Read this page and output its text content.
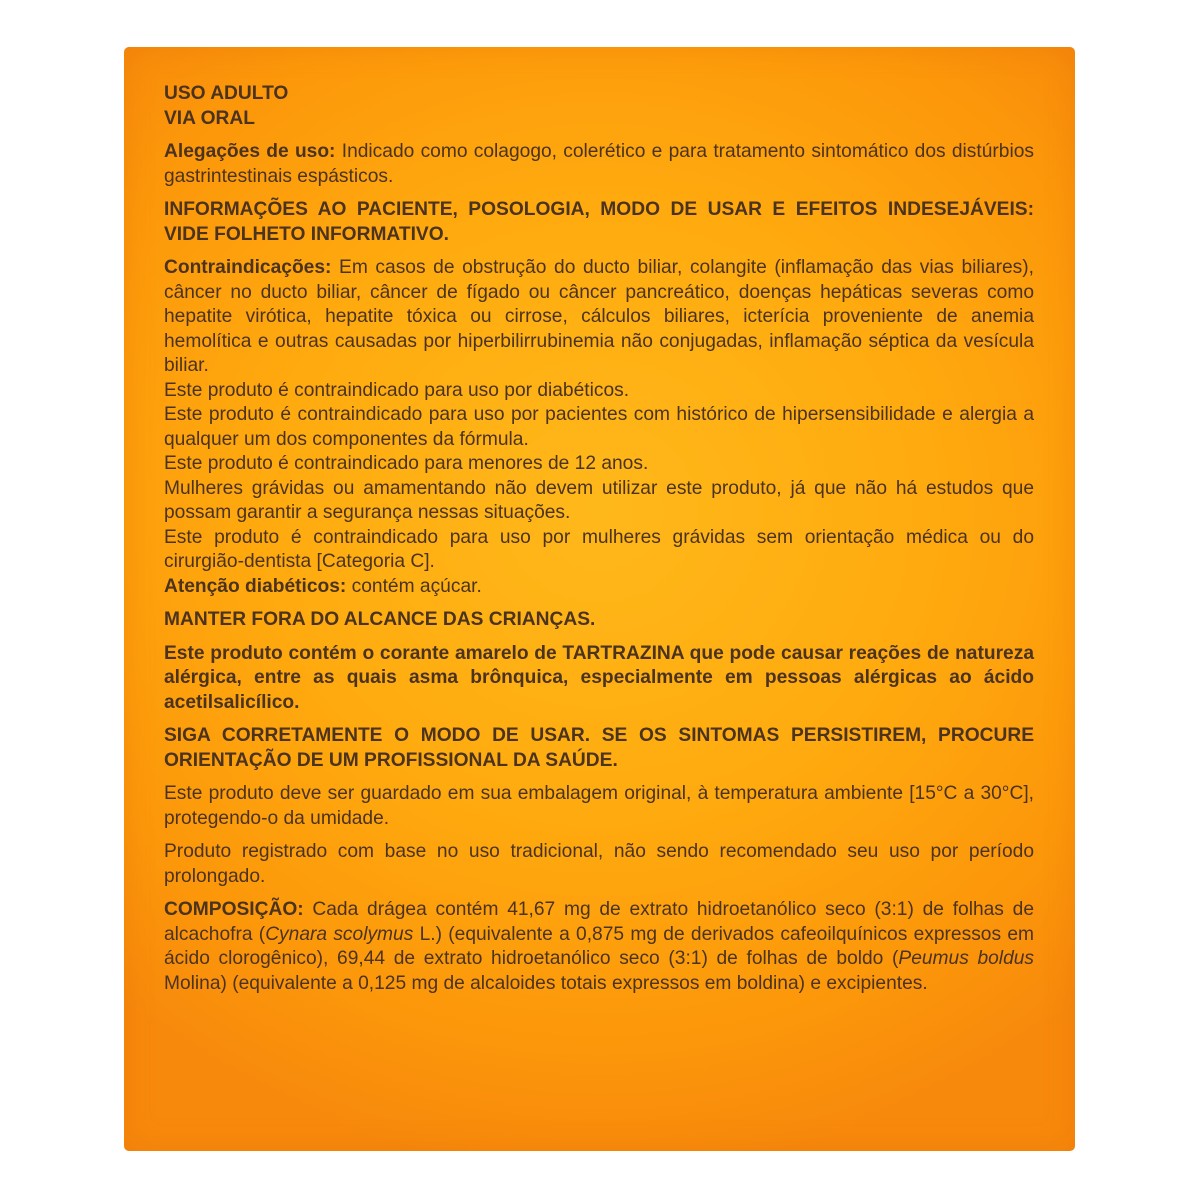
USO ADULTO

VIA ORAL

Alegações de uso: Indicado como colagogo, colerético e para tratamento sintomático dos distúrbios gastrintestinais espásticos.

INFORMAÇÕES AO PACIENTE, POSOLOGIA, MODO DE USAR E EFEITOS INDESEJÁVEIS: VIDE FOLHETO INFORMATIVO.

Contraindicações: Em casos de obstrução do ducto biliar, colangite (inflamação das vias biliares), câncer no ducto biliar, câncer de fígado ou câncer pancreático, doenças hepáticas severas como hepatite virótica, hepatite tóxica ou cirrose, cálculos biliares, icterícia proveniente de anemia hemolítica e outras causadas por hiperbilirrubinemia não conjugadas, inflamação séptica da vesícula biliar.

Este produto é contraindicado para uso por diabéticos.

Este produto é contraindicado para uso por pacientes com histórico de hipersensibilidade e alergia a qualquer um dos componentes da fórmula.

Este produto é contraindicado para menores de 12 anos.

Mulheres grávidas ou amamentando não devem utilizar este produto, já que não há estudos que possam garantir a segurança nessas situações.

Este produto é contraindicado para uso por mulheres grávidas sem orientação médica ou do cirurgião-dentista [Categoria C].

Atenção diabéticos: contém açúcar.

MANTER FORA DO ALCANCE DAS CRIANÇAS.

Este produto contém o corante amarelo de TARTRAZINA que pode causar reações de natureza alérgica, entre as quais asma brônquica, especialmente em pessoas alérgicas ao ácido acetilsalicílico.

SIGA CORRETAMENTE O MODO DE USAR. SE OS SINTOMAS PERSISTIREM, PROCURE ORIENTAÇÃO DE UM PROFISSIONAL DA SAÚDE.

Este produto deve ser guardado em sua embalagem original, à temperatura ambiente [15°C a 30°C], protegendo-o da umidade.

Produto registrado com base no uso tradicional, não sendo recomendado seu uso por período prolongado.

COMPOSIÇÃO: Cada drágea contém 41,67 mg de extrato hidroetanólico seco (3:1) de folhas de alcachofra (Cynara scolymus L.) (equivalente a 0,875 mg de derivados cafeoilquínicos expressos em ácido clorogênico), 69,44 de extrato hidroetanólico seco (3:1) de folhas de boldo (Peumus boldus Molina) (equivalente a 0,125 mg de alcaloides totais expressos em boldina) e excipientes.
